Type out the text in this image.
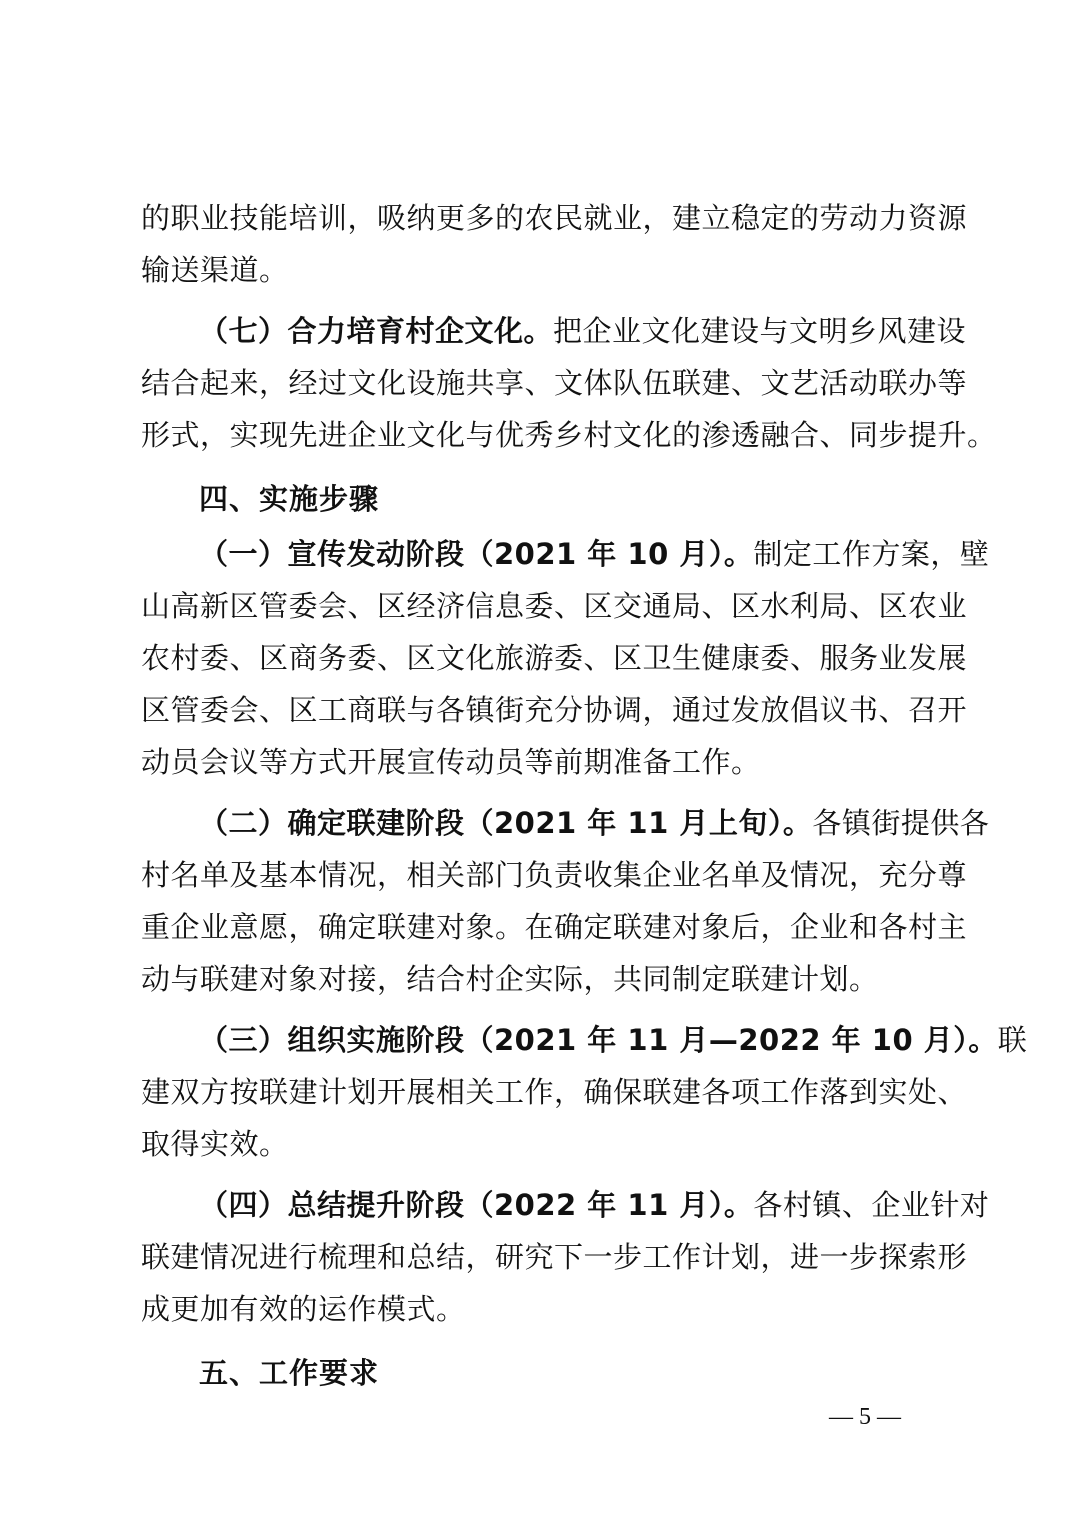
的职业技能培训，吸纳更多的农民就业，建立稳定的劳动力资源
输送渠道。
（七）合力培育村企文化。把企业文化建设与文明乡风建设
结合起来，经过文化设施共享、文体队伍联建、文艺活动联办等
形式，实现先进企业文化与优秀乡村文化的渗透融合、同步提升。
四、实施步骤
（一）宣传发动阶段（2021 年 10 月）。制定工作方案，壁
山高新区管委会、区经济信息委、区交通局、区水利局、区农业
农村委、区商务委、区文化旅游委、区卫生健康委、服务业发展
区管委会、区工商联与各镇街充分协调，通过发放倡议书、召开
动员会议等方式开展宣传动员等前期准备工作。
（二）确定联建阶段（2021 年 11 月上旬）。各镇街提供各
村名单及基本情况，相关部门负责收集企业名单及情况，充分尊
重企业意愿，确定联建对象。在确定联建对象后，企业和各村主
动与联建对象对接，结合村企实际，共同制定联建计划。
（三）组织实施阶段（2021 年 11 月—2022 年 10 月）。联
建双方按联建计划开展相关工作，确保联建各项工作落到实处、
取得实效。
（四）总结提升阶段（2022 年 11 月）。各村镇、企业针对
联建情况进行梳理和总结，研究下一步工作计划，进一步探索形
成更加有效的运作模式。
五、工作要求
— 5 —
